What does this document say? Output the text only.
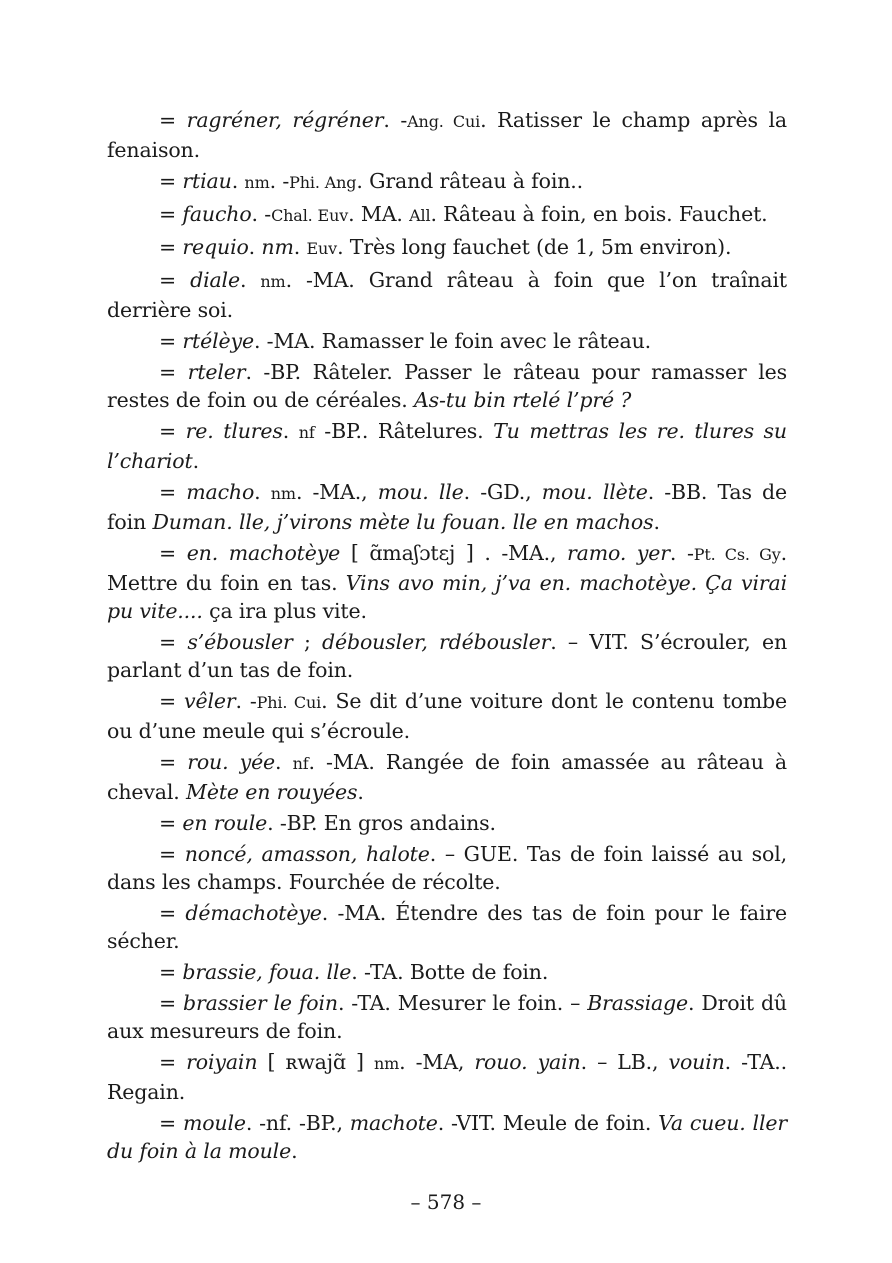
= ragréner, régréner. -Ang. Cui. Ratisser le champ après la fenaison.

= rtiau. nm. -Phi. Ang. Grand râteau à foin..

= faucho. -Chal. Euv. MA. All. Râteau à foin, en bois. Fauchet.

= requio. nm. Euv. Très long fauchet (de 1, 5m environ).

= diale. nm. -MA. Grand râteau à foin que l’on traînait derrière soi.

= rtélèye. -MA. Ramasser le foin avec le râteau.

= rteler. -BP. Râteler. Passer le râteau pour ramasser les restes de foin ou de céréales. As-tu bin rtelé l’pré ?

= re. tlures. nf -BP.. Râtelures. Tu mettras les re. tlures su l’chariot.

= macho. nm. -MA., mou. lle. -GD., mou. llète. -BB. Tas de foin Duman. lle, j’virons mète lu fouan. lle en machos.

= en. machotèye [ ɑ̃maʃɔtɛj ] . -MA., ramo. yer. -Pt. Cs. Gy. Mettre du foin en tas. Vins avo min, j’va en. machotèye. Ça virai pu vite.... ça ira plus vite.

= s’ébousler ; débousler, rdébousler. – VIT. S’écrouler, en parlant d’un tas de foin.

= vêler. -Phi. Cui. Se dit d’une voiture dont le contenu tombe ou d’une meule qui s’écroule.

= rou. yée. nf. -MA. Rangée de foin amassée au râteau à cheval. Mète en rouyées.

= en roule. -BP. En gros andains.

= noncé, amasson, halote. – GUE. Tas de foin laissé au sol, dans les champs. Fourchée de récolte.

= démachotèye. -MA. Étendre des tas de foin pour le faire sécher.

= brassie, foua. lle. -TA. Botte de foin.

= brassier le foin. -TA. Mesurer le foin. – Brassiage. Droit dû aux mesureurs de foin.

= roiyain [ ʀwajɑ̃ ] nm. -MA, rouo. yain. – LB., vouin. -TA.. Regain.

= moule. -nf. -BP., machote. -VIT. Meule de foin. Va cueu. ller du foin à la moule.

– 578 –
